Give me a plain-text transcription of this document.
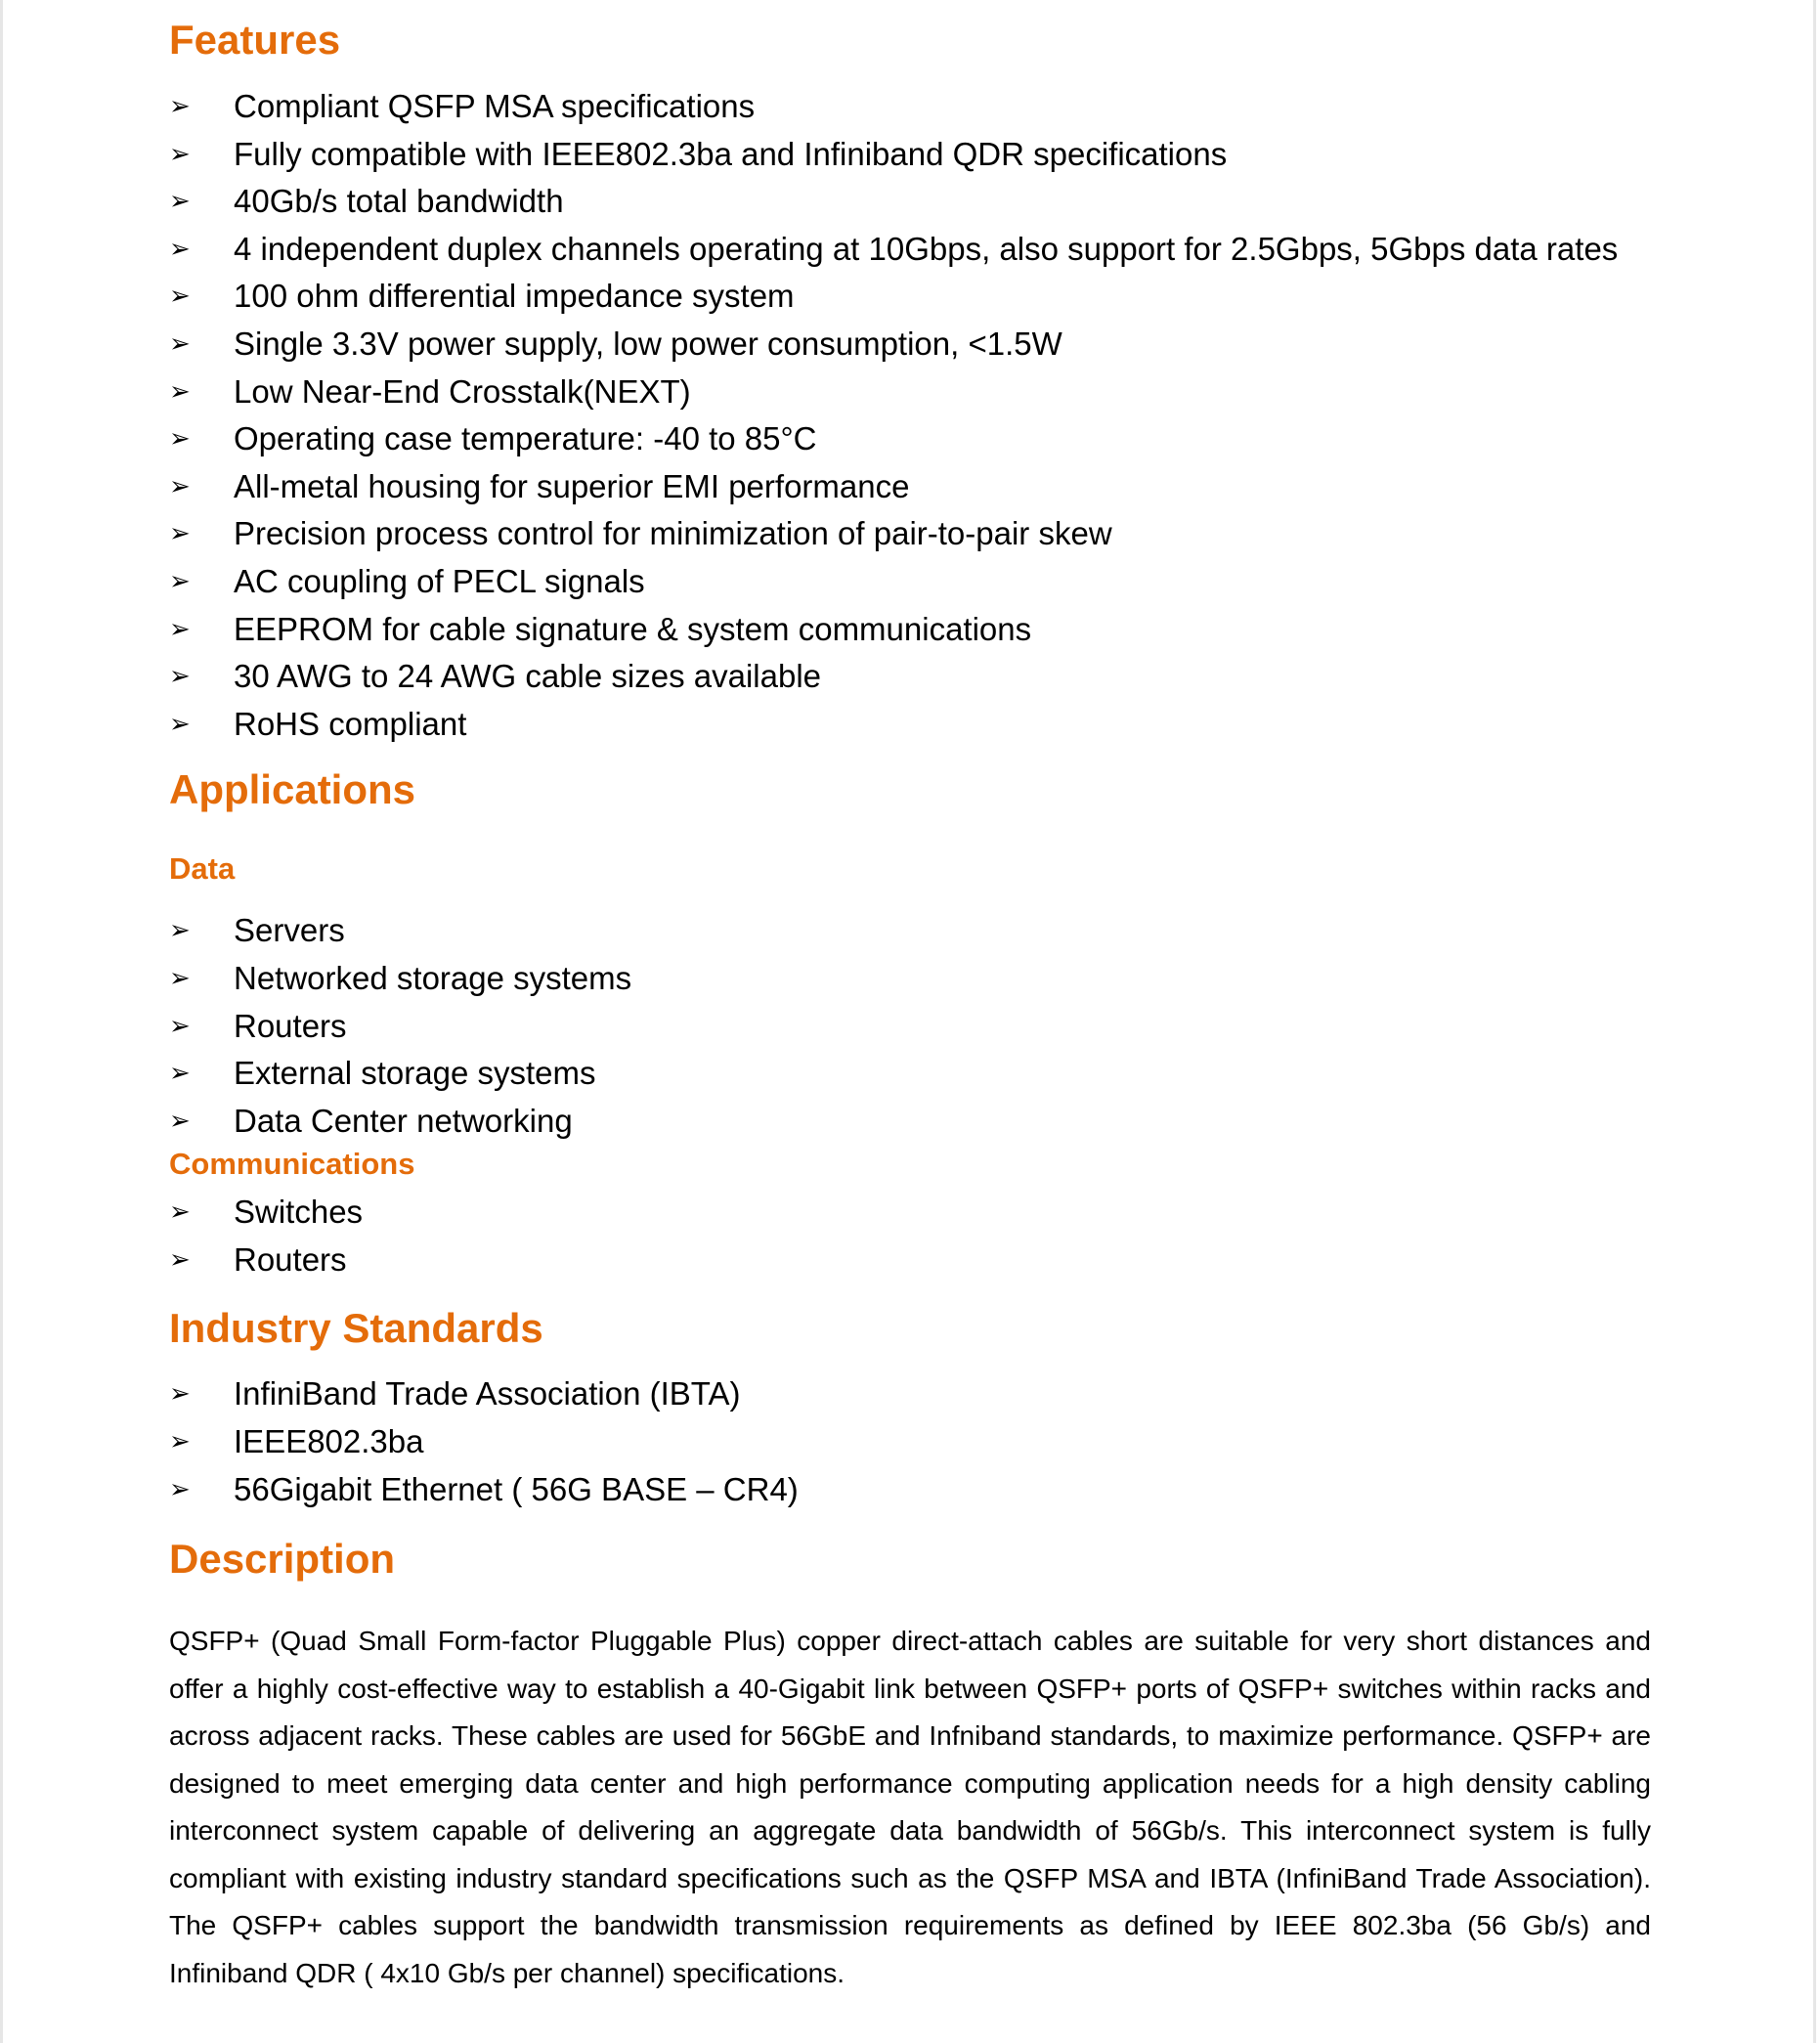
Features
➢ Compliant QSFP MSA specifications
➢ Fully compatible with IEEE802.3ba and Infiniband QDR specifications
➢ 40Gb/s total bandwidth
➢ 4 independent duplex channels operating at 10Gbps, also support for 2.5Gbps, 5Gbps data rates
➢ 100 ohm differential impedance system
➢ Single 3.3V power supply, low power consumption, <1.5W
➢ Low Near-End Crosstalk(NEXT)
➢ Operating case temperature: -40 to 85°C
➢ All-metal housing for superior EMI performance
➢ Precision process control for minimization of pair-to-pair skew
➢ AC coupling of PECL signals
➢ EEPROM for cable signature & system communications
➢ 30 AWG to 24 AWG cable sizes available
➢ RoHS compliant
Applications
Data
➢ Servers
➢ Networked storage systems
➢ Routers
➢ External storage systems
➢ Data Center networking
Communications
➢ Switches
➢ Routers
Industry Standards
➢ InfiniBand Trade Association (IBTA)
➢ IEEE802.3ba
➢ 56Gigabit Ethernet ( 56G BASE – CR4)
Description

QSFP+ (Quad Small Form-factor Pluggable Plus) copper direct-attach cables are suitable for very short distances and offer a highly cost-effective way to establish a 40-Gigabit link between QSFP+ ports of QSFP+ switches within racks and across adjacent racks. These cables are used for 56GbE and Infniband standards, to maximize performance. QSFP+ are designed to meet emerging data center and high performance computing application needs for a high density cabling interconnect system capable of delivering an aggregate data bandwidth of 56Gb/s. This interconnect system is fully compliant with existing industry standard specifications such as the QSFP MSA and IBTA (InfiniBand Trade Association). The QSFP+ cables support the bandwidth transmission requirements as defined by IEEE 802.3ba (56 Gb/s) and Infiniband QDR ( 4x10 Gb/s per channel) specifications.
